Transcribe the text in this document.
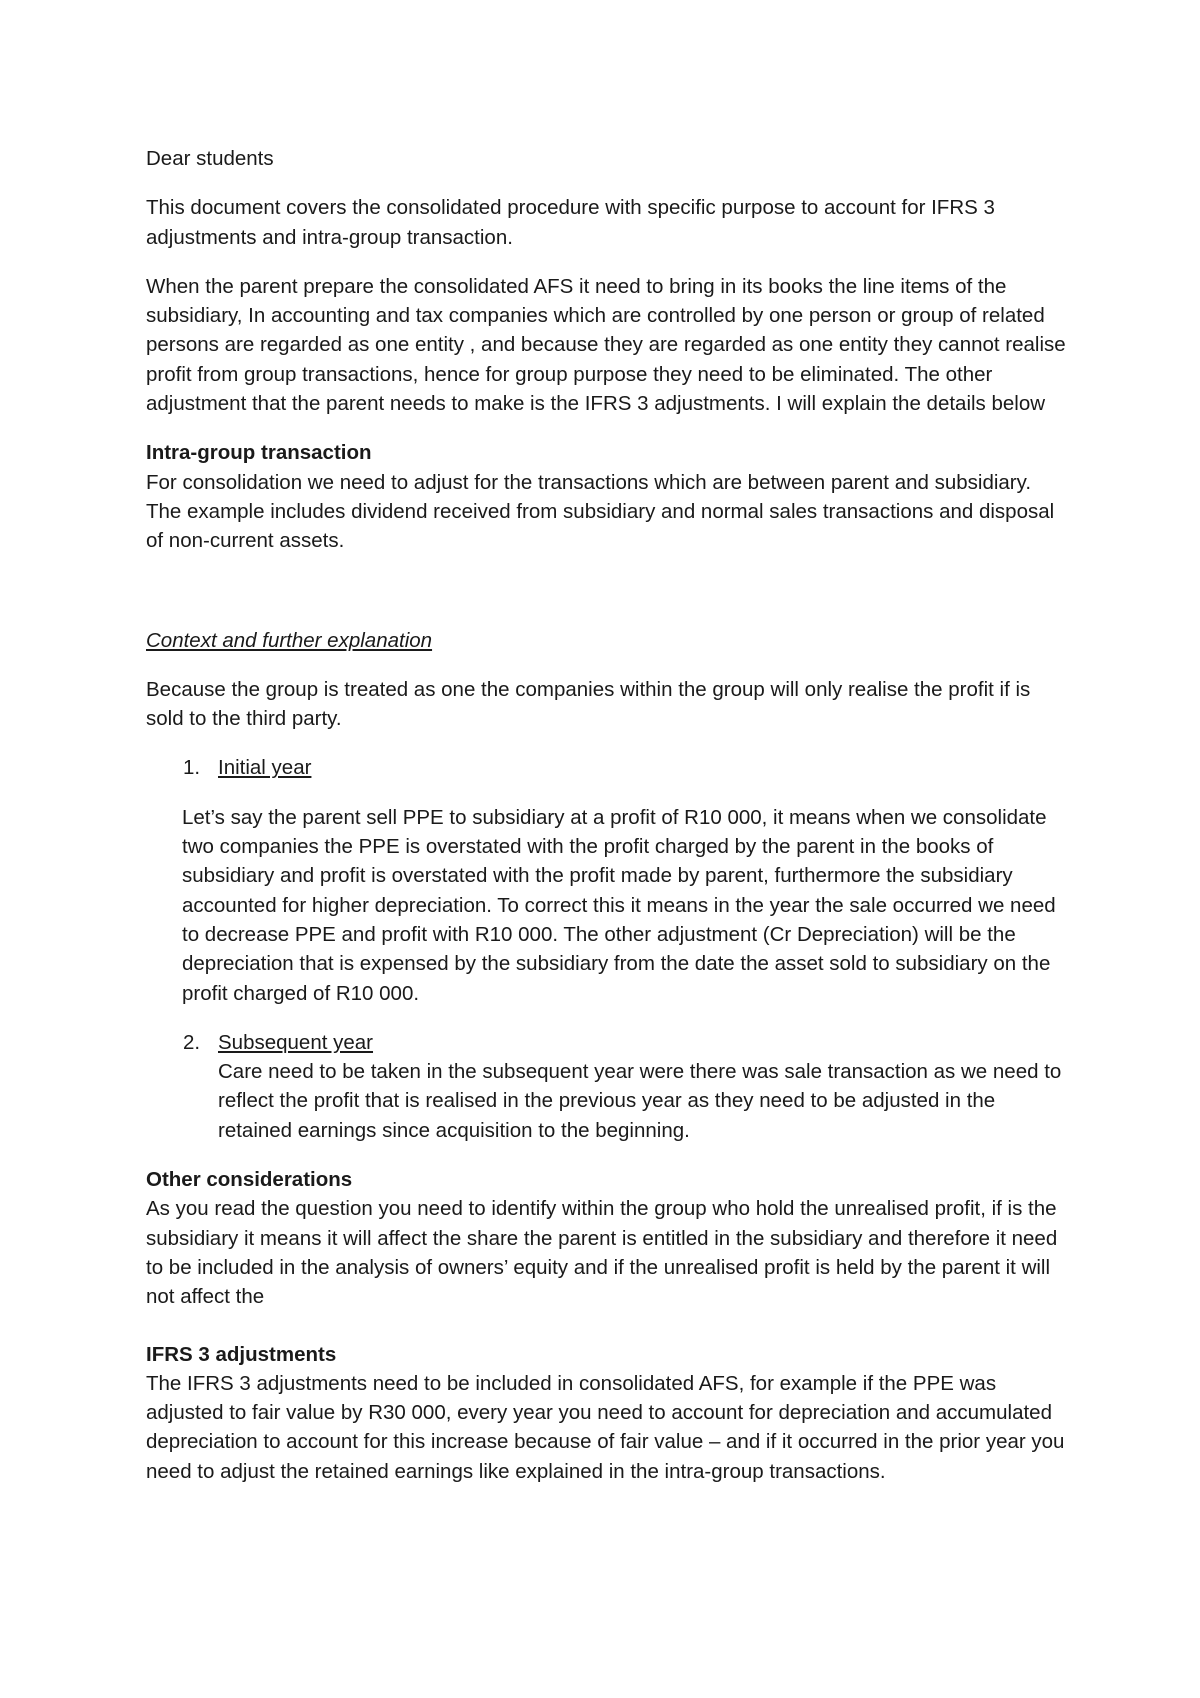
Dear students

This document covers the consolidated procedure with specific purpose to account for IFRS 3 adjustments and intra-group transaction.

When the parent prepare the consolidated AFS it need to bring in its books the line items of the subsidiary, In accounting and tax companies which are controlled by one person or group of related persons are regarded as one entity , and because they are regarded as one entity they cannot realise profit from group transactions, hence for group purpose they need to be eliminated. The other adjustment that the parent needs to make is the IFRS 3 adjustments. I will explain the details below

Intra-group transaction

For consolidation we need to adjust for the transactions which are between parent and subsidiary. The example includes dividend received from subsidiary and normal sales transactions and disposal of non-current assets.

Context and further explanation

Because the group is treated as one the companies within the group will only realise the profit if is sold to the third party.

1. Initial year

Let’s say the parent sell PPE to subsidiary at a profit of R10 000, it means when we consolidate two companies the PPE is overstated with the profit charged by the parent in the books of subsidiary and profit is overstated with the profit made by parent, furthermore the subsidiary accounted for higher depreciation. To correct this it means in the year the sale occurred we need to decrease PPE and profit with R10 000. The other adjustment (Cr Depreciation) will be the depreciation that is expensed by the subsidiary from the date the asset sold to subsidiary on the profit charged of R10 000.

2. Subsequent year
Care need to be taken in the subsequent year were there was sale transaction as we need to reflect the profit that is realised in the previous year as they need to be adjusted in the retained earnings since acquisition to the beginning.

Other considerations

As you read the question you need to identify within the group who hold the unrealised profit, if is the subsidiary it means it will affect the share the parent is entitled in the subsidiary and therefore it need to be included in the analysis of owners’ equity and if the unrealised profit is held by the parent it will not affect the

IFRS 3 adjustments

The IFRS 3 adjustments need to be included in consolidated AFS, for example if the PPE was adjusted to fair value by R30 000, every year you need to account for depreciation and accumulated depreciation to account for this increase because of fair value – and if it occurred in the prior year you need to adjust the retained earnings like explained in the intra-group transactions.
